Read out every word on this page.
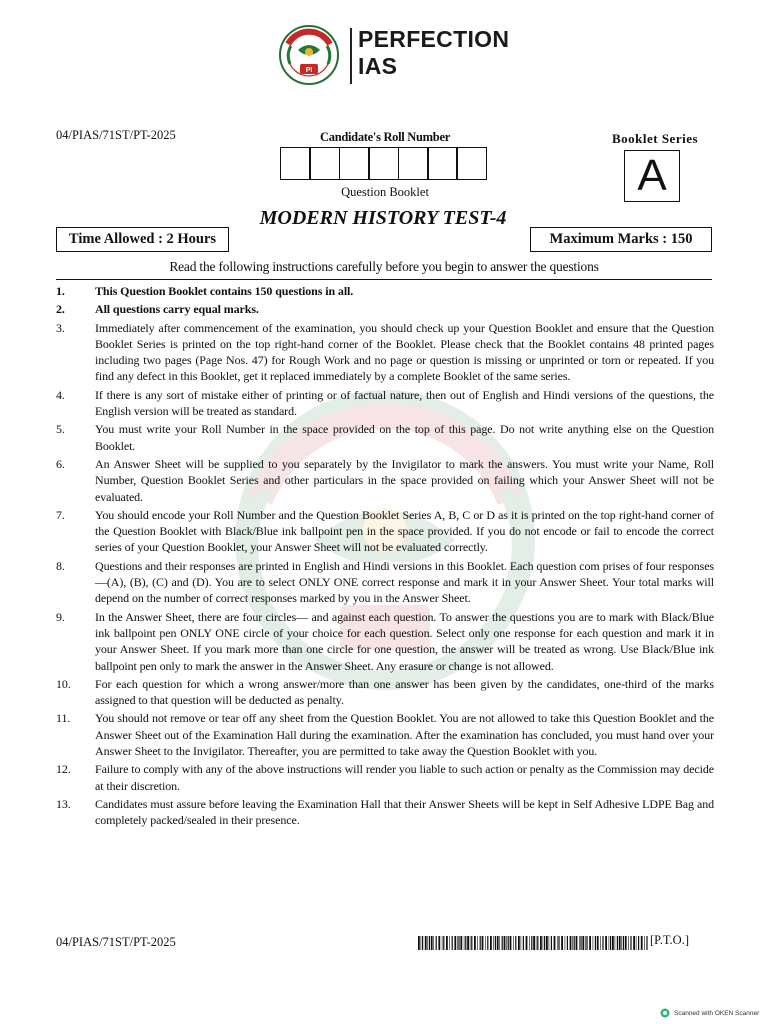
PI
PERFECTION
IAS
04/PIAS/71ST/PT-2025	Candidate's Roll Number
Question Booklet
Booklet Series
A
MODERN HISTORY TEST-4
Time Allowed : 2 Hours	Maximum Marks : 150
Read the following instructions carefully before you begin to answer the questions
1.	This Question Booklet contains 150 questions in all.
2.	All questions carry equal marks.
3.	Immediately after commencement of the examination, you should check up your Question Booklet and ensure that the Question Booklet Series is printed on the top right-hand corner of the Booklet. Please check that the Booklet contains 48 printed pages including two pages (Page Nos. 47) for Rough Work and no page or question is missing or unprinted or torn or repeated. If you find any defect in this Booklet, get it replaced immediately by a complete Booklet of the same series.
4.	If there is any sort of mistake either of printing or of factual nature, then out of English and Hindi versions of the questions, the English version will be treated as standard.
5.	You must write your Roll Number in the space provided on the top of this page. Do not write anything else on the Question Booklet.
6.	An Answer Sheet will be supplied to you separately by the Invigilator to mark the answers. You must write your Name, Roll Number, Question Booklet Series and other particulars in the space provided on failing which your Answer Sheet will not be evaluated.
7.	You should encode your Roll Number and the Question Booklet Series A, B, C or D as it is printed on the top right-hand corner of the Question Booklet with Black/Blue ink ballpoint pen in the space provided. If you do not encode or fail to encode the correct series of your Question Booklet, your Answer Sheet will not be evaluated correctly.
8.	Questions and their responses are printed in English and Hindi versions in this Booklet. Each question com prises of four responses—(A), (B), (C) and (D). You are to select ONLY ONE correct response and mark it in your Answer Sheet. Your total marks will depend on the number of correct responses marked by you in the Answer Sheet.
9.	In the Answer Sheet, there are four circles— and against each question. To answer the questions you are to mark with Black/Blue ink ballpoint pen ONLY ONE circle of your choice for each question. Select only one response for each question and mark it in your Answer Sheet. If you mark more than one circle for one question, the answer will be treated as wrong. Use Black/Blue ink ballpoint pen only to mark the answer in the Answer Sheet. Any erasure or change is not allowed.
10. For each question for which a wrong answer/more than one answer has been given by the candidates, one-third of the marks assigned to that question will be deducted as penalty.
11. You should not remove or tear off any sheet from the Question Booklet. You are not allowed to take this Question Booklet and the Answer Sheet out of the Examination Hall during the examination. After the examination has concluded, you must hand over your Answer Sheet to the Invigilator. Thereafter, you are permitted to take away the Question Booklet with you.
12. Failure to comply with any of the above instructions will render you liable to such action or penalty as the Commission may decide at their discretion.
13. Candidates must assure before leaving the Examination Hall that their Answer Sheets will be kept in Self Adhesive LDPE Bag and completely packed/sealed in their presence.
04/PIAS/71ST/PT-2025	[P.T.O.]
Scanned with OKEN Scanner
